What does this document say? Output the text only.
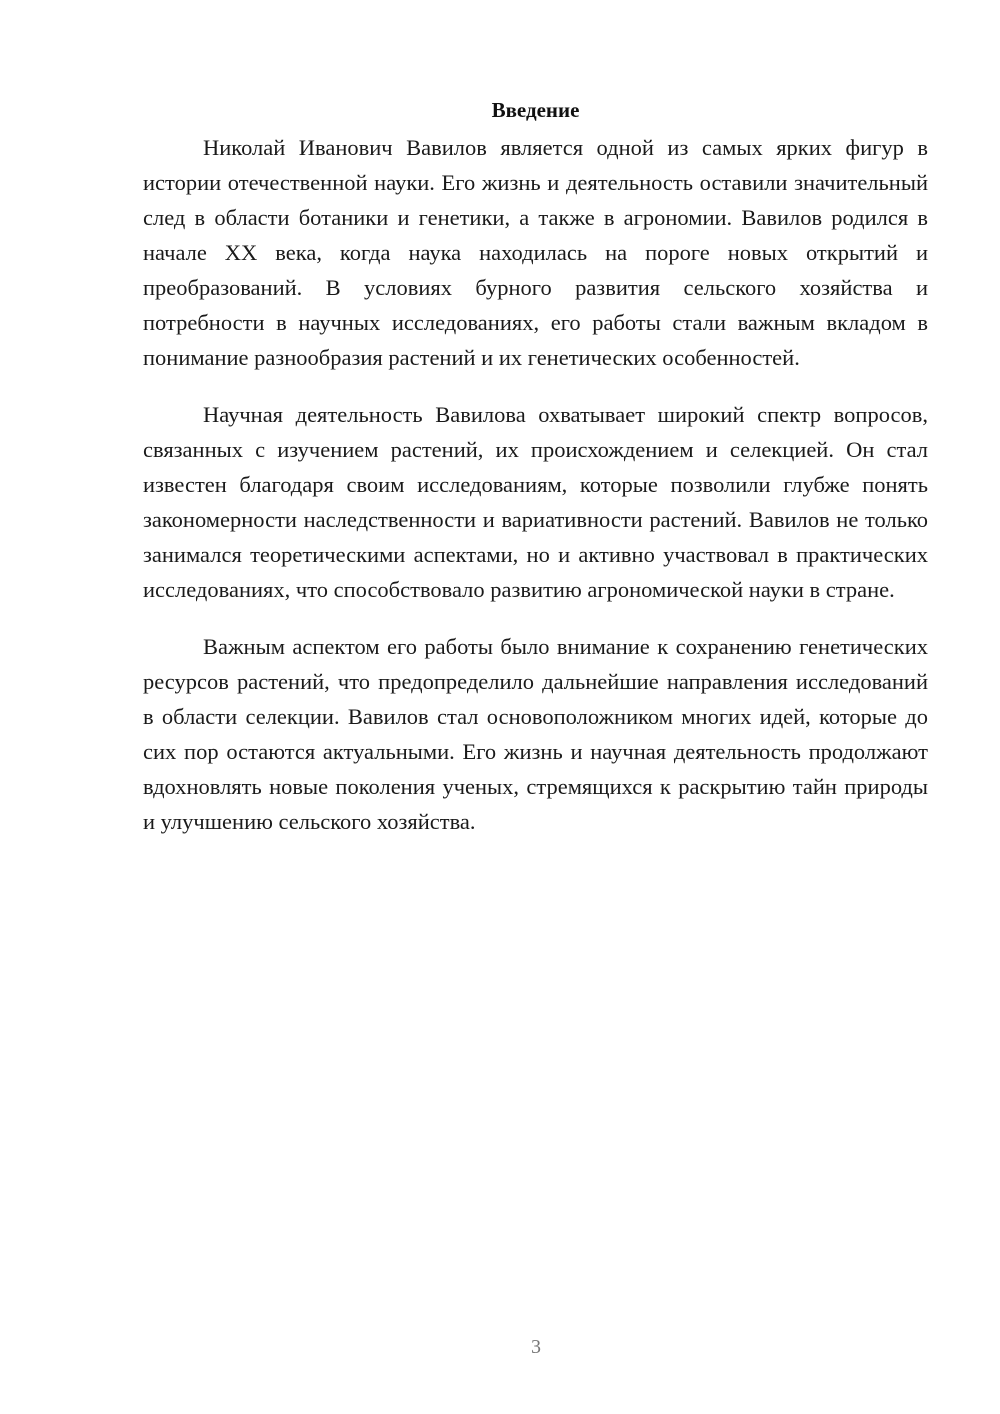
Введение

Николай Иванович Вавилов является одной из самых ярких фигур в истории отечественной науки. Его жизнь и деятельность оставили значительный след в области ботаники и генетики, а также в агрономии. Вавилов родился в начале XX века, когда наука находилась на пороге новых открытий и преобразований. В условиях бурного развития сельского хозяйства и потребности в научных исследованиях, его работы стали важным вкладом в понимание разнообразия растений и их генетических особенностей.

Научная деятельность Вавилова охватывает широкий спектр вопросов, связанных с изучением растений, их происхождением и селекцией. Он стал известен благодаря своим исследованиям, которые позволили глубже понять закономерности наследственности и вариативности растений. Вавилов не только занимался теоретическими аспектами, но и активно участвовал в практических исследованиях, что способствовало развитию агрономической науки в стране.

Важным аспектом его работы было внимание к сохранению генетических ресурсов растений, что предопределило дальнейшие направления исследований в области селекции. Вавилов стал основоположником многих идей, которые до сих пор остаются актуальными. Его жизнь и научная деятельность продолжают вдохновлять новые поколения ученых, стремящихся к раскрытию тайн природы и улучшению сельского хозяйства.

3
